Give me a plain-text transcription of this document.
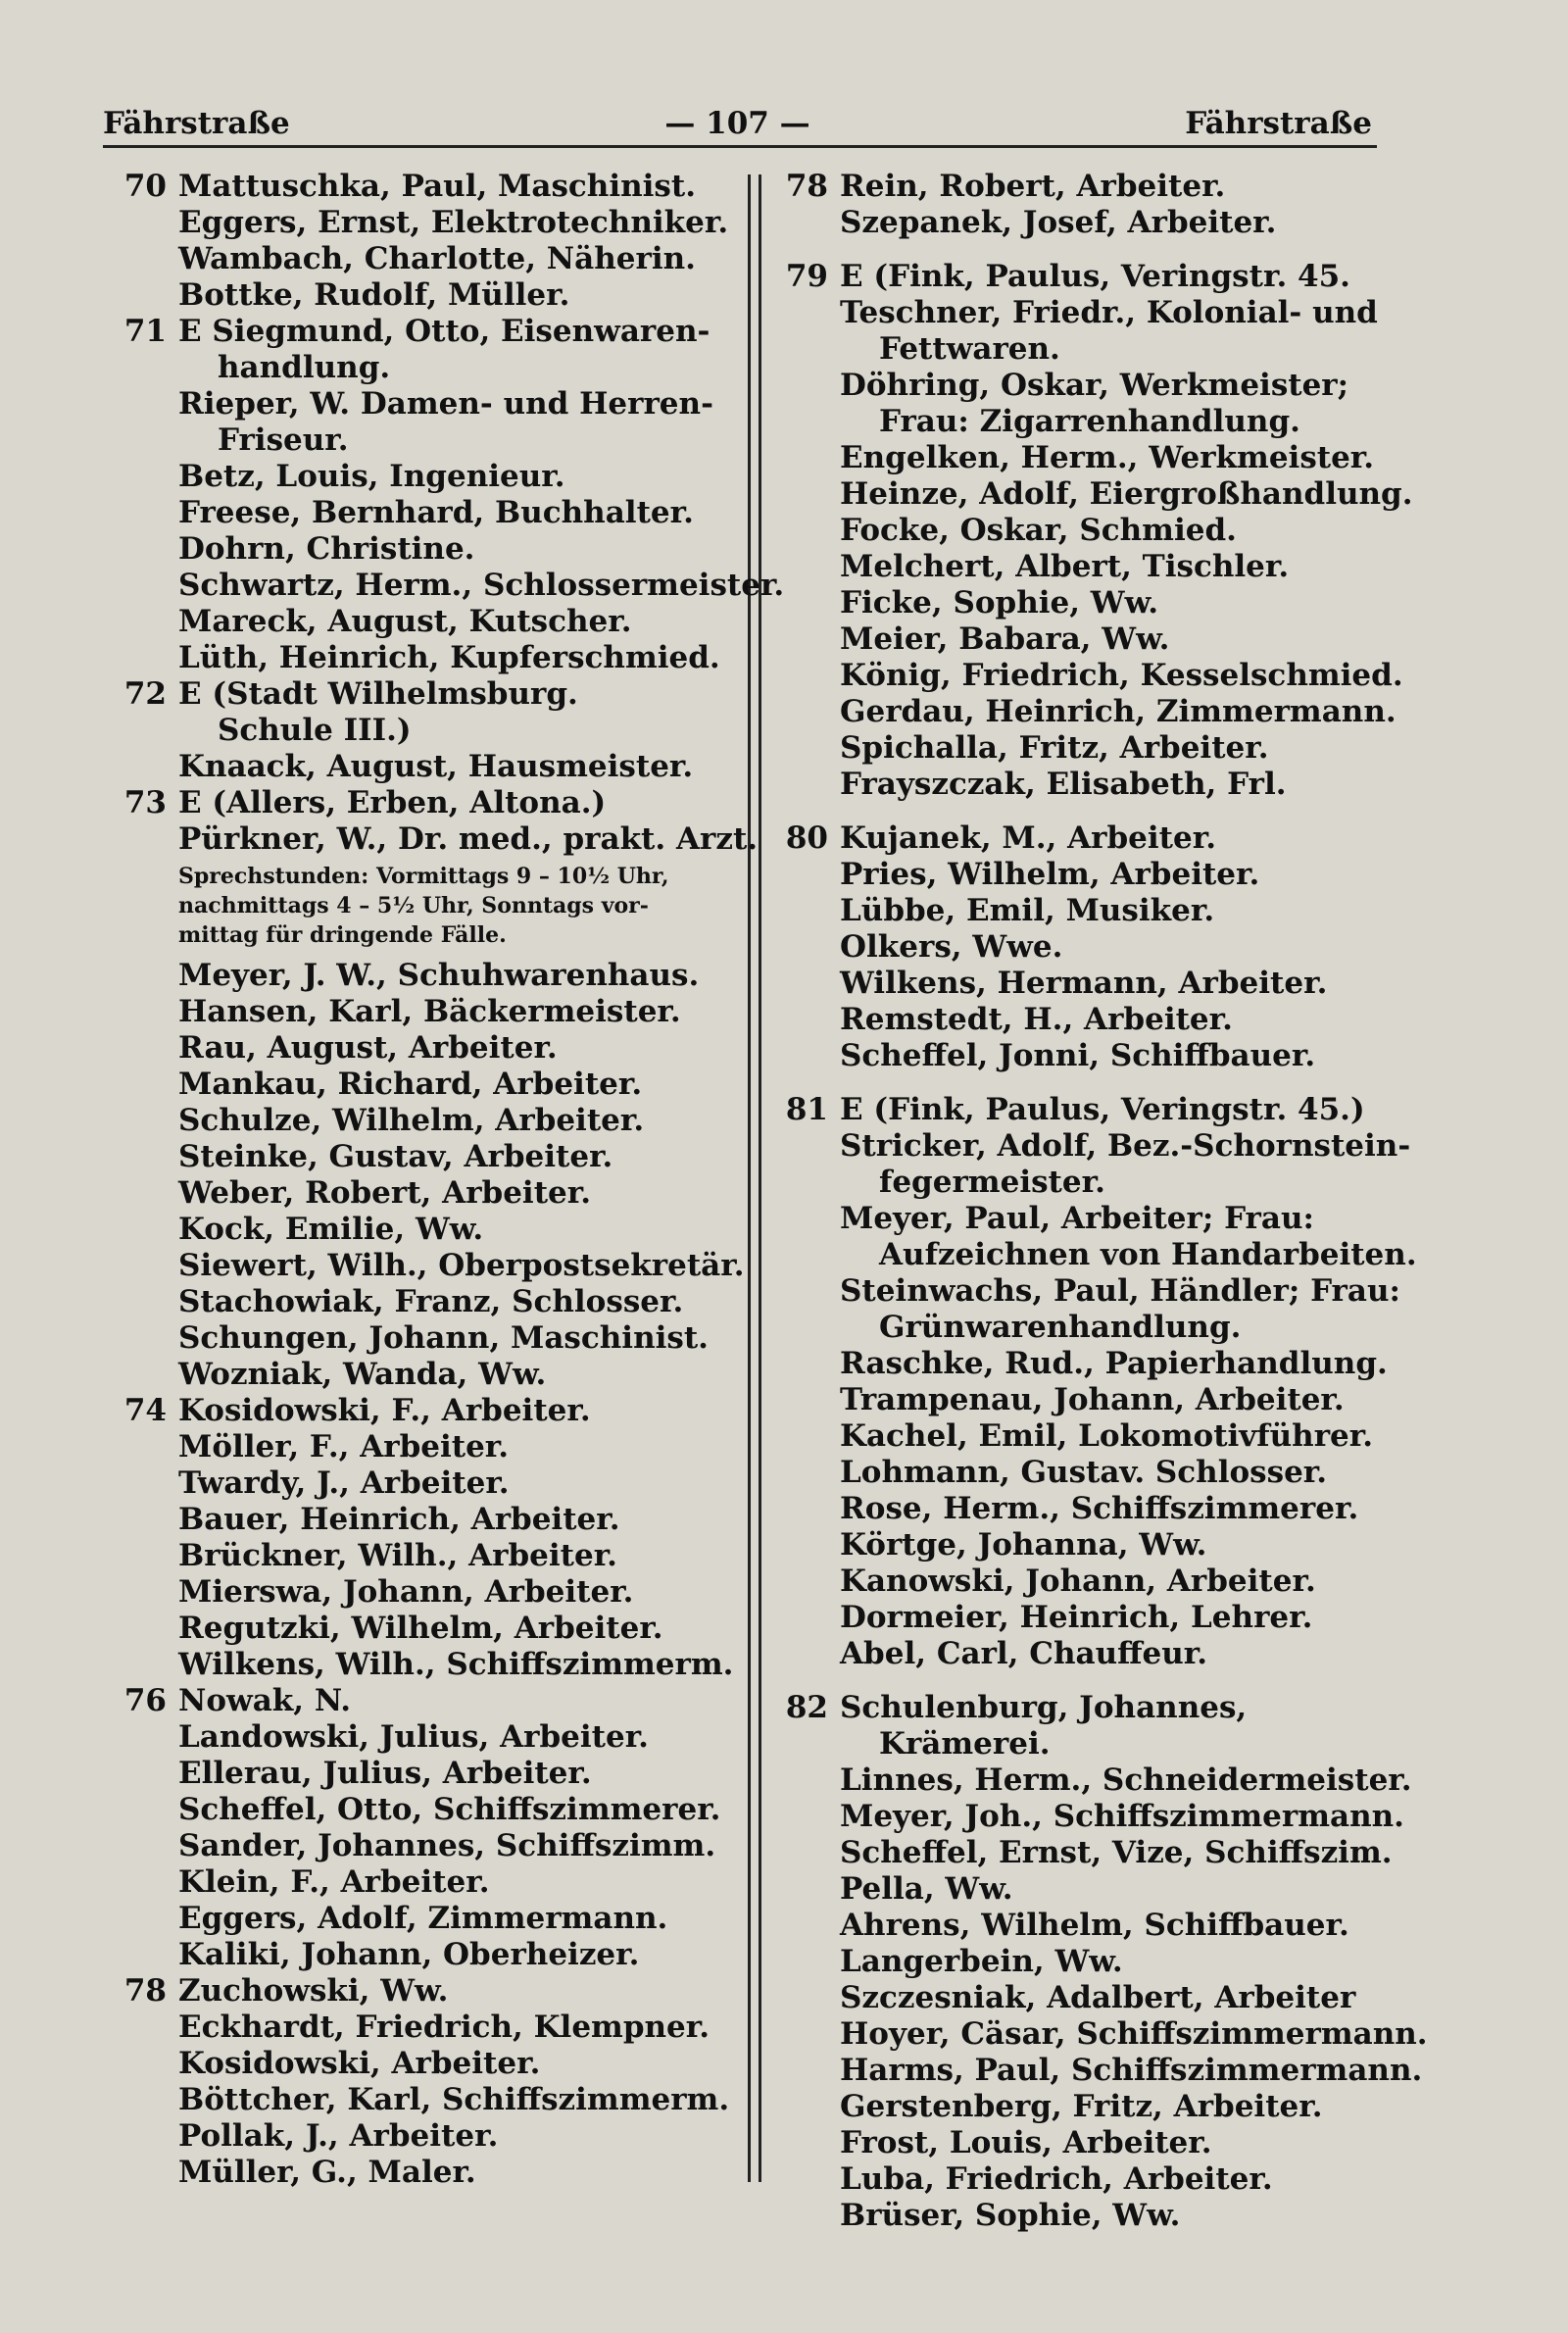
Fährstraße	— 107 —	Fährstraße
70 Mattuschka, Paul, Maschinist.
Eggers, Ernst, Elektrotechniker.
Wambach, Charlotte, Näherin.
Bottke, Rudolf, Müller.
71 E Siegmund, Otto, Eisenwaren-
handlung.
Rieper, W. Damen- und Herren-
Friseur.
Betz, Louis, Ingenieur.
Freese, Bernhard, Buchhalter.
Dohrn, Christine.
Schwartz, Herm., Schlossermeister.
Mareck, August, Kutscher.
Lüth, Heinrich, Kupferschmied.
72 E (Stadt Wilhelmsburg.
Schule III.)
Knaack, August, Hausmeister.
73 E (Allers, Erben, Altona.)
Pürkner, W., Dr. med., prakt. Arzt.
Sprechstunden: Vormittags 9 – 10½ Uhr,
nachmittags 4 – 5½ Uhr, Sonntags vor-
mittag für dringende Fälle.
Meyer, J. W., Schuhwarenhaus.
Hansen, Karl, Bäckermeister.
Rau, August, Arbeiter.
Mankau, Richard, Arbeiter.
Schulze, Wilhelm, Arbeiter.
Steinke, Gustav, Arbeiter.
Weber, Robert, Arbeiter.
Kock, Emilie, Ww.
Siewert, Wilh., Oberpostsekretär.
Stachowiak, Franz, Schlosser.
Schungen, Johann, Maschinist.
Wozniak, Wanda, Ww.
74 Kosidowski, F., Arbeiter.
Möller, F., Arbeiter.
Twardy, J., Arbeiter.
Bauer, Heinrich, Arbeiter.
Brückner, Wilh., Arbeiter.
Mierswa, Johann, Arbeiter.
Regutzki, Wilhelm, Arbeiter.
Wilkens, Wilh., Schiffszimmerm.
76 Nowak, N.
Landowski, Julius, Arbeiter.
Ellerau, Julius, Arbeiter.
Scheffel, Otto, Schiffszimmerer.
Sander, Johannes, Schiffszimm.
Klein, F., Arbeiter.
Eggers, Adolf, Zimmermann.
Kaliki, Johann, Oberheizer.
78 Zuchowski, Ww.
Eckhardt, Friedrich, Klempner.
Kosidowski, Arbeiter.
Böttcher, Karl, Schiffszimmerm.
Pollak, J., Arbeiter.
Müller, G., Maler.
78 Rein, Robert, Arbeiter.
Szepanek, Josef, Arbeiter.
79 E (Fink, Paulus, Veringstr. 45.
Teschner, Friedr., Kolonial- und
Fettwaren.
Döhring, Oskar, Werkmeister;
Frau: Zigarrenhandlung.
Engelken, Herm., Werkmeister.
Heinze, Adolf, Eiergroßhandlung.
Focke, Oskar, Schmied.
Melchert, Albert, Tischler.
Ficke, Sophie, Ww.
Meier, Babara, Ww.
König, Friedrich, Kesselschmied.
Gerdau, Heinrich, Zimmermann.
Spichalla, Fritz, Arbeiter.
Frayszczak, Elisabeth, Frl.
80 Kujanek, M., Arbeiter.
Pries, Wilhelm, Arbeiter.
Lübbe, Emil, Musiker.
Olkers, Wwe.
Wilkens, Hermann, Arbeiter.
Remstedt, H., Arbeiter.
Scheffel, Jonni, Schiffbauer.
81 E (Fink, Paulus, Veringstr. 45.)
Stricker, Adolf, Bez.-Schornstein-
fegermeister.
Meyer, Paul, Arbeiter; Frau:
Aufzeichnen von Handarbeiten.
Steinwachs, Paul, Händler; Frau:
Grünwarenhandlung.
Raschke, Rud., Papierhandlung.
Trampenau, Johann, Arbeiter.
Kachel, Emil, Lokomotivführer.
Lohmann, Gustav. Schlosser.
Rose, Herm., Schiffszimmerer.
Körtge, Johanna, Ww.
Kanowski, Johann, Arbeiter.
Dormeier, Heinrich, Lehrer.
Abel, Carl, Chauffeur.
82 Schulenburg, Johannes,
Krämerei.
Linnes, Herm., Schneidermeister.
Meyer, Joh., Schiffszimmermann.
Scheffel, Ernst, Vize, Schiffszim.
Pella, Ww.
Ahrens, Wilhelm, Schiffbauer.
Langerbein, Ww.
Szczesniak, Adalbert, Arbeiter
Hoyer, Cäsar, Schiffszimmermann.
Harms, Paul, Schiffszimmermann.
Gerstenberg, Fritz, Arbeiter.
Frost, Louis, Arbeiter.
Luba, Friedrich, Arbeiter.
Brüser, Sophie, Ww.
